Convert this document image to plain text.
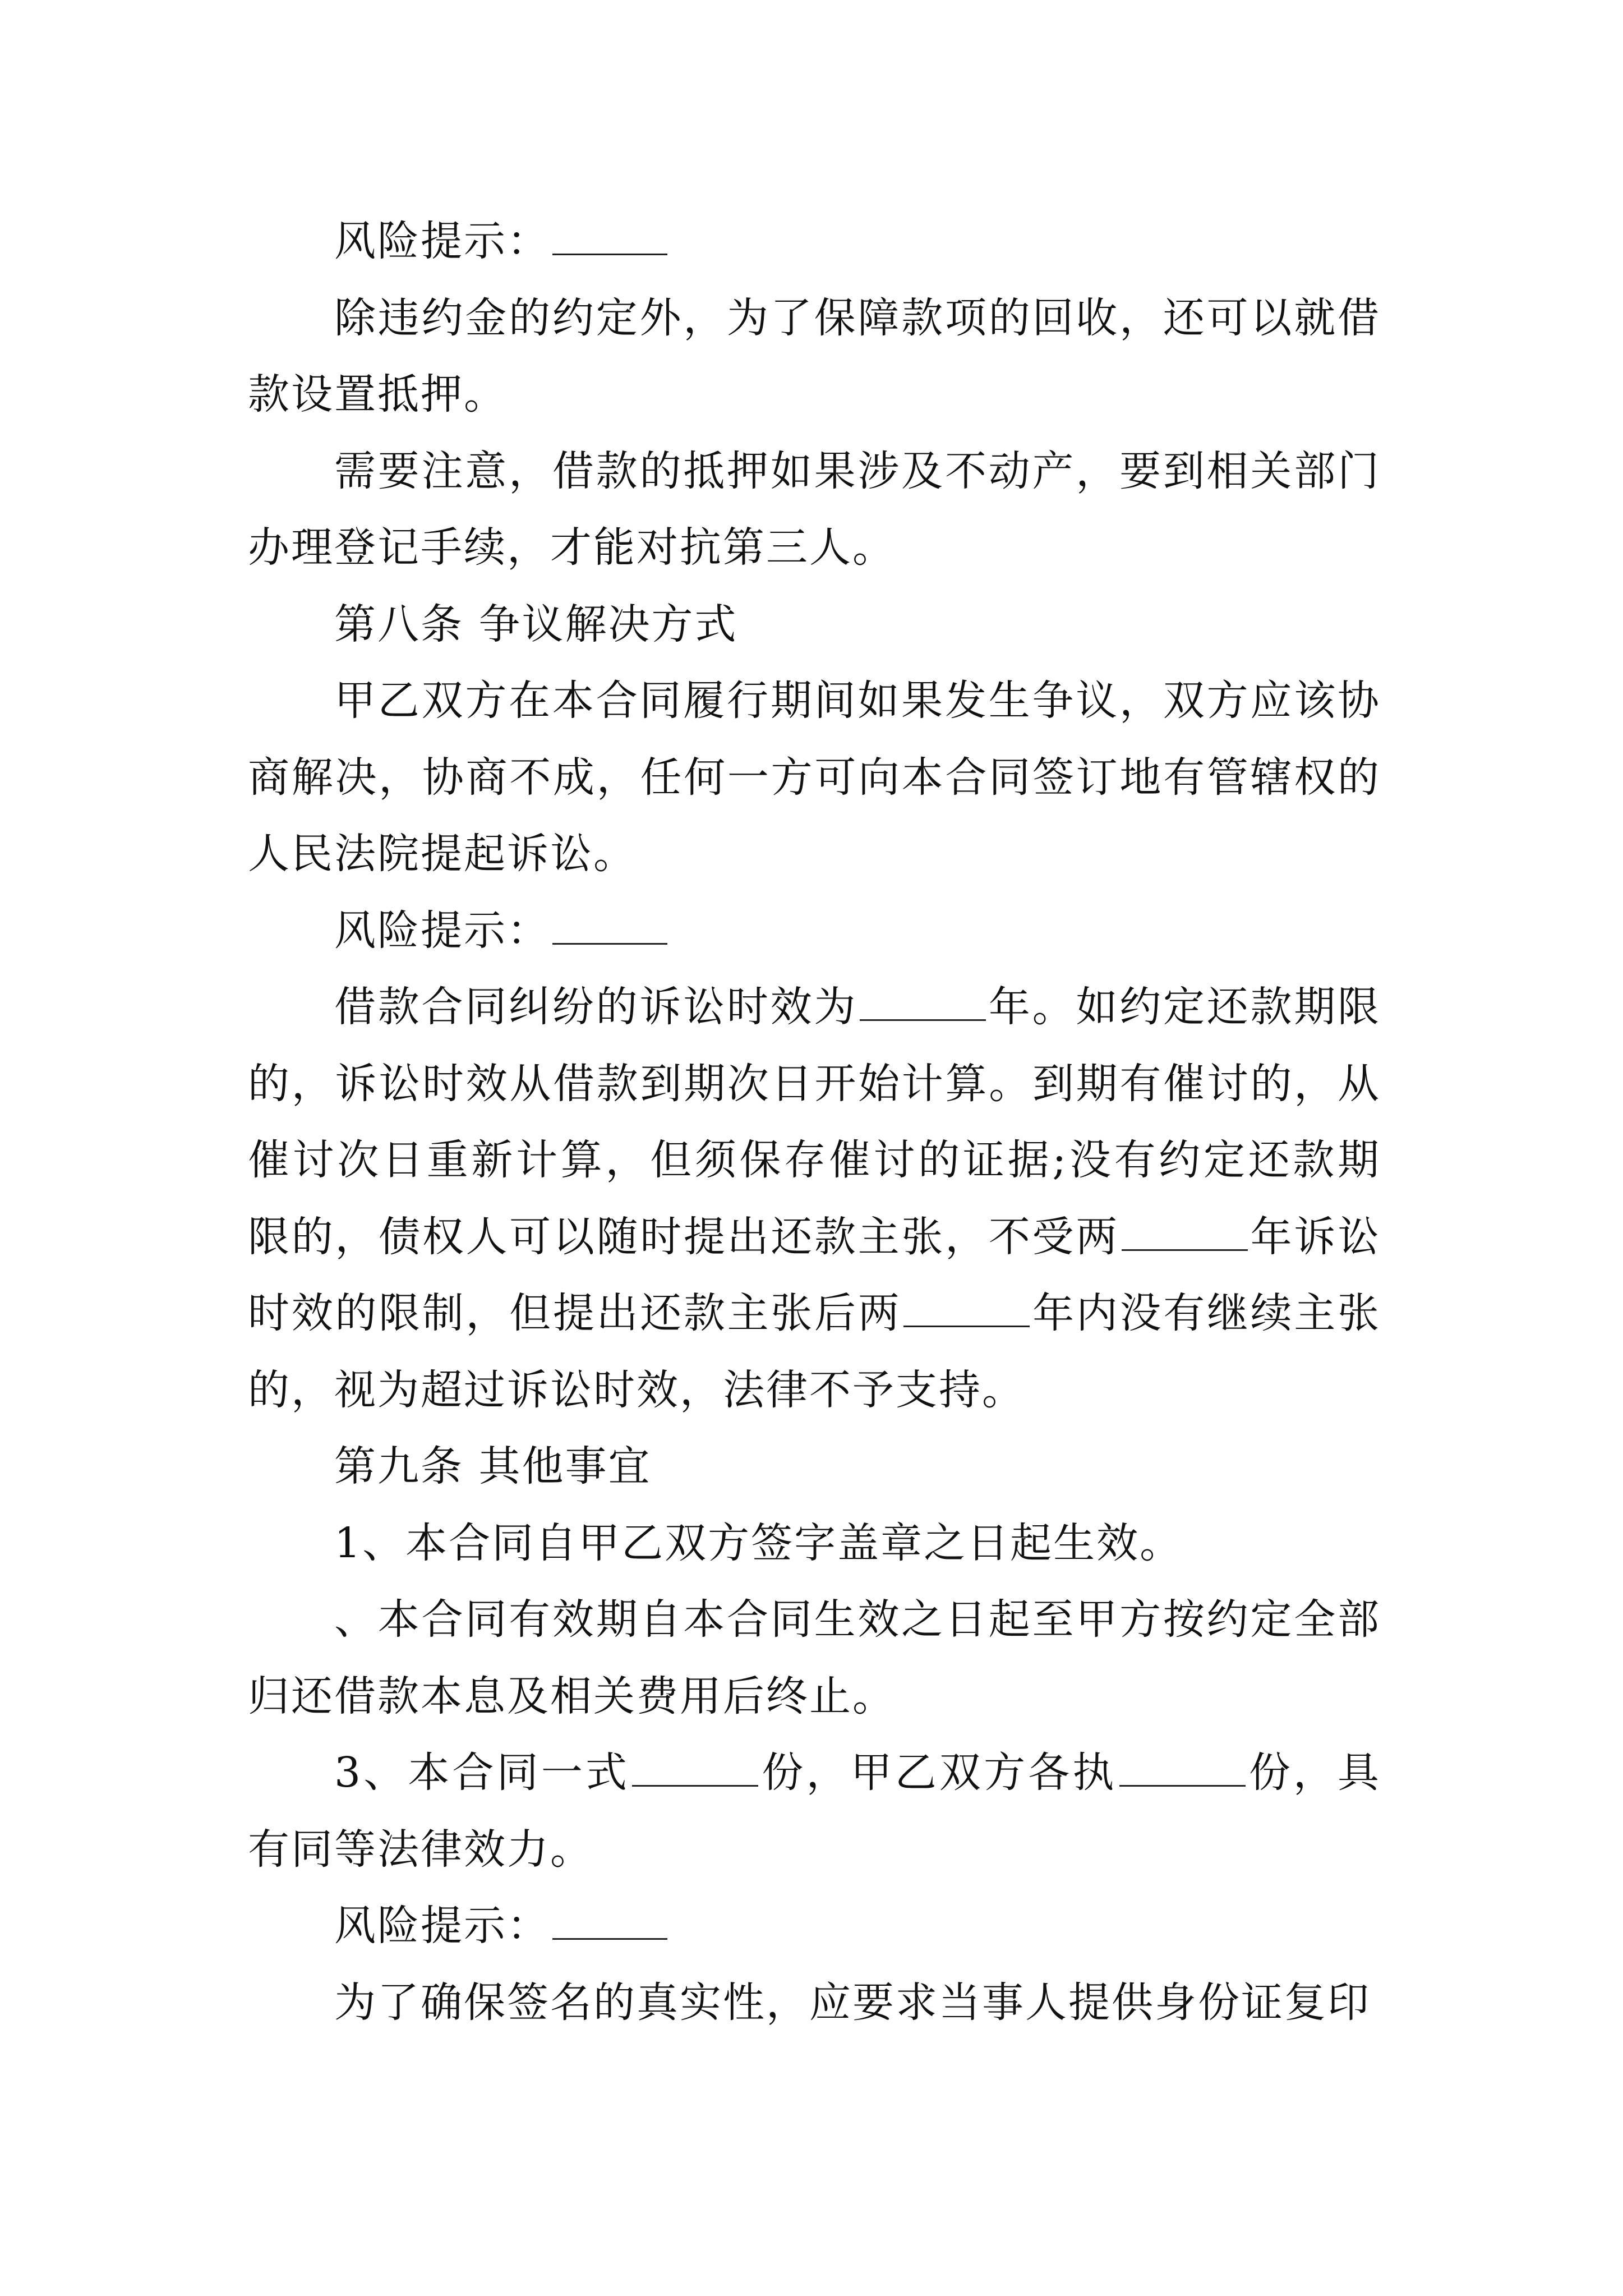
风险提示：

除违约金的约定外，为了保障款项的回收，还可以就借款设置抵押。

需要注意，借款的抵押如果涉及不动产，要到相关部门办理登记手续，才能对抗第三人。

第八条 争议解决方式

甲乙双方在本合同履行期间如果发生争议，双方应该协商解决，协商不成，任何一方可向本合同签订地有管辖权的人民法院提起诉讼。

风险提示：

借款合同纠纷的诉讼时效为	年。如约定还款期限的，诉讼时效从借款到期次日开始计算。到期有催讨的，从催讨次日重新计算，但须保存催讨的证据;没有约定还款期限的，债权人可以随时提出还款主张，不受两	年诉讼时效的限制，但提出还款主张后两	年内没有继续主张的，视为超过诉讼时效，法律不予支持。

第九条 其他事宜

1、本合同自甲乙双方签字盖章之日起生效。

、本合同有效期自本合同生效之日起至甲方按约定全部归还借款本息及相关费用后终止。

3、本合同一式	份，甲乙双方各执	份，具有同等法律效力。

风险提示：

为了确保签名的真实性，应要求当事人提供身份证复印
